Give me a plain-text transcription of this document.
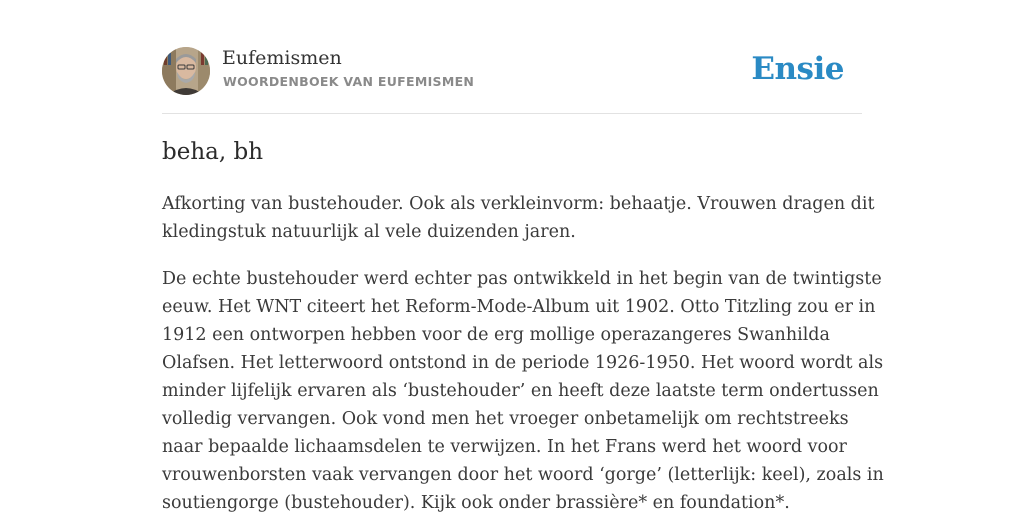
Eufemismen
WOORDENBOEK VAN EUFEMISMEN	Ensie
beha, bh
Afkorting van bustehouder. Ook als verkleinvorm: behaatje. Vrouwen dragen dit
kledingstuk natuurlijk al vele duizenden jaren.
De echte bustehouder werd echter pas ontwikkeld in het begin van de twintigste
eeuw. Het WNT citeert het Reform-Mode-Album uit 1902. Otto Titzling zou er in
1912 een ontworpen hebben voor de erg mollige operazangeres Swanhilda
Olafsen. Het letterwoord ontstond in de periode 1926-1950. Het woord wordt als
minder lijfelijk ervaren als ‘bustehouder’ en heeft deze laatste term ondertussen
volledig vervangen. Ook vond men het vroeger onbetamelijk om rechtstreeks
naar bepaalde lichaamsdelen te verwijzen. In het Frans werd het woord voor
vrouwenborsten vaak vervangen door het woord ‘gorge’ (letterlijk: keel), zoals in
soutiengorge (bustehouder). Kijk ook onder brassière* en foundation*.
